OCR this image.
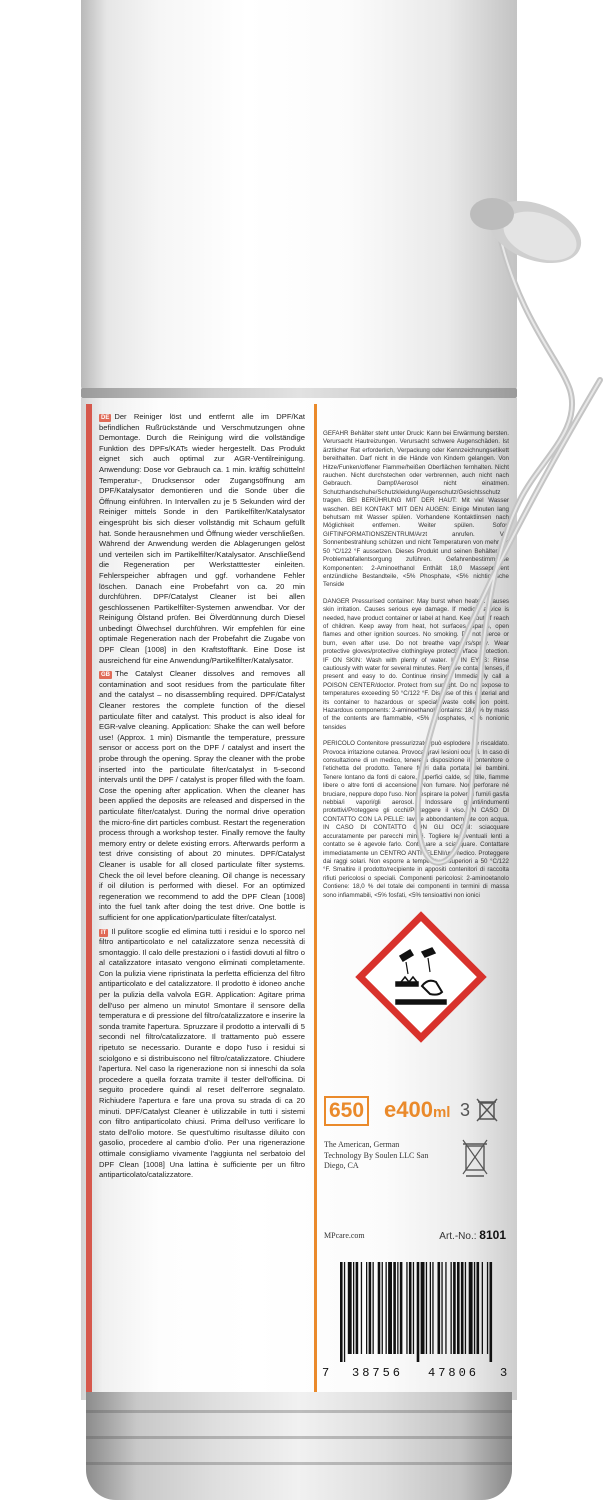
DE Der Reiniger löst und entfernt alle im DPF/Kat befindlichen Rußrückstände und Verschmutzungen ohne Demontage. Durch die Reinigung wird die vollständige Funktion des DPFs/KATs wieder hergestellt. Das Produkt eignet sich auch optimal zur AGR-Ventilreinigung. Anwendung: Dose vor Gebrauch ca. 1 min. kräftig schütteln! Temperatur-, Drucksensor oder Zugangsöffnung am DPF/Katalysator demontieren und die Sonde über die Öffnung einführen. In Intervallen zu je 5 Sekunden wird der Reiniger mittels Sonde in den Partikelfilter/Katalysator eingesprüht bis sich dieser vollständig mit Schaum gefüllt hat. Sonde herausnehmen und Öffnung wieder verschließen. Während der Anwendung werden die Ablagerungen gelöst und verteilen sich im Partikelfilter/Katalysator. Anschließend die Regeneration per Werkstatttester einleiten. Fehlerspeicher abfragen und ggf. vorhandene Fehler löschen. Danach eine Probefahrt von ca. 20 min durchführen. DPF/Catalyst Cleaner ist bei allen geschlossenen Partikelfilter-Systemen anwendbar. Vor der Reinigung Ölstand prüfen. Bei Ölverdünnung durch Diesel unbedingt Ölwechsel durchführen. Wir empfehlen für eine optimale Regeneration nach der Probefahrt die Zugabe von DPF Clean [1008] in den Kraftstofftank. Eine Dose ist ausreichend für eine Anwendung/Partikelfilter/Katalysator.

GB The Catalyst Cleaner dissolves and removes all contamination and soot residues from the particulate filter and the catalyst – no disassembling required. DPF/Catalyst Cleaner restores the complete function of the diesel particulate filter and catalyst. This product is also ideal for EGR-valve cleaning. Application: Shake the can well before use! (Approx. 1 min) Dismantle the temperature, pressure sensor or access port on the DPF / catalyst and insert the probe through the opening. Spray the cleaner with the probe inserted into the particulate filter/catalyst in 5-second intervals until the DPF / catalyst is proper filled with the foam. Cose the opening after application. When the cleaner has been applied the deposits are released and dispersed in the particulate filter/catalyst. During the normal drive operation the micro-fine dirt particles combust. Restart the regeneration process through a workshop tester. Finally remove the faulty memory entry or delete existing errors. Afterwards perform a test drive consisting of about 20 minutes. DPF/Catalyst Cleaner is usable for all closed particulate filter systems. Check the oil level before cleaning. Oil change is necessary if oil dilution is performed with diesel. For an optimized regeneration we recommend to add the DPF Clean [1008] into the fuel tank after doing the test drive. One bottle is sufficient for one application/particulate filter/catalyst.

IT Il pulitore scoglie ed elimina tutti i residui e lo sporco nel filtro antiparticolato e nel catalizzatore senza necessità di smontaggio. Il calo delle prestazioni o i fastidi dovuti al filtro o al catalizzatore intasato vengono eliminati completamente. Con la pulizia viene ripristinata la perfetta efficienza del filtro antiparticolato e del catalizzatore. Il prodotto è idoneo anche per la pulizia della valvola EGR. Application: Agitare prima dell'uso per almeno un minuto! Smontare il sensore della temperatura e di pressione del filtro/catalizzatore e inserire la sonda tramite l'apertura. Spruzzare il prodotto a intervalli di 5 secondi nel filtro/catalizzatore. Il trattamento può essere ripetuto se necessario. Durante e dopo l'uso i residui si sciolgono e si distribuiscono nel filtro/catalizzatore. Chiudere l'apertura. Nel caso la rigenerazione non si inneschi da sola procedere a quella forzata tramite il tester dell'officina. Di seguito procedere quindi al reset dell'errore segnalato. Richiudere l'apertura e fare una prova su strada di ca 20 minuti. DPF/Catalyst Cleaner è utilizzabile in tutti i sistemi con filtro antiparticolato chiusi. Prima dell'uso verificare lo stato dell'olio motore. Se quest'ultimo risultasse diluito con gasolio, procedere al cambio d'olio. Per una rigenerazione ottimale consigliamo vivamente l'aggiunta nel serbatoio del DPF Clean [1008] Una lattina è sufficiente per un filtro antiparticolato/catalizzatore.

GEFAHR Behälter steht unter Druck: Kann bei Erwärmung bersten. Verursacht Hautreizungen. Verursacht schwere Augenschäden. Ist ärztlicher Rat erforderlich, Verpackung oder Kennzeichnungsetikett bereithalten. Darf nicht in die Hände von Kindern gelangen. Von Hitze/Funken/offener Flamme/heißen Oberflächen fernhalten. Nicht rauchen. Nicht durchstechen oder verbrennen, auch nicht nach Gebrauch. Dampf/Aerosol nicht einatmen. Schutzhandschuhe/Schutzkleidung/Augenschutz/Gesichtsschutz tragen. BEI BERÜHRUNG MIT DER HAUT: Mit viel Wasser waschen. BEI KONTAKT MIT DEN AUGEN: Einige Minuten lang behutsam mit Wasser spülen. Vorhandene Kontaktlinsen nach Möglichkeit entfernen. Weiter spülen. Sofort GIFTINFORMATIONSZENTRUM/Arzt anrufen. Vor Sonnenbestrahlung schützen und nicht Temperaturen von mehr als 50 °C/122 °F aussetzen. Dieses Produkt und seinen Behälter der Problemabfallentsorgung zuführen. Gefahrenbestimmende Komponenten: 2-Aminoethanol Enthält 18,0 Masseprozent entzündliche Bestandteile, <5% Phosphate, <5% nichtionische Tenside

DANGER Pressurised container: May burst when heated. Causes skin irritation. Causes serious eye damage. If medical advice is needed, have product container or label at hand. Keep out of reach of children. Keep away from heat, hot surfaces, sparks, open flames and other ignition sources. No smoking. Do not pierce or burn, even after use. Do not breathe vapours/spray. Wear protective gloves/protective clothing/eye protection/face protection. IF ON SKIN: Wash with plenty of water. IF IN EYES: Rinse cautiously with water for several minutes. Remove contact lenses, if present and easy to do. Continue rinsing. Immediately call a POISON CENTER/doctor. Protect from sunlight. Do not expose to temperatures exceeding 50 °C/122 °F. Dispose of this material and its container to hazardous or special waste collection point. Hazardous components: 2-aminoethanol Contains: 18,0 % by mass of the contents are flammable, <5% phosphates, <5% nonionic tensides

PERICOLO Contenitore pressurizzato: può esplodere se riscaldato. Provoca irritazione cutanea. Provoca gravi lesioni oculari. In caso di consultazione di un medico, tenere a disposizione il contenitore o l'etichetta del prodotto. Tenere fuori dalla portata dei bambini. Tenere lontano da fonti di calore, superfici calde, scintille, fiamme libere o altre fonti di accensione. Non fumare. Non perforare né bruciare, neppure dopo l'uso. Non respirare la polvere/i fumi/i gas/la nebbia/i vapori/gli aerosol. Indossare guanti/indumenti protettivi/Proteggere gli occhi/Proteggere il viso. IN CASO DI CONTATTO CON LA PELLE: lavare abbondantemente con acqua. IN CASO DI CONTATTO CON GLI OCCHI: sciacquare accuratamente per parecchi minuti. Togliere le eventuali lenti a contatto se è agevole farlo. Continuare a sciacquare. Contattare immediatamente un CENTRO ANTIVELENI/un medico. Proteggere dai raggi solari. Non esporre a temperature superiori a 50 °C/122 °F. Smaltire il prodotto/recipiente in appositi contenitori di raccolta rifiuti pericolosi o speciali. Componenti pericolosi: 2-aminoetanolo Contiene: 18,0 % del totale dei componenti in termini di massa sono infiammabili, <5% fosfati, <5% tensioattivi non ionici

650 e400ml 3
The American, German Technology By Soulen LLC San Diego, CA
MPcare.com	Art.-No.: 8101
7 38756 47806 3
